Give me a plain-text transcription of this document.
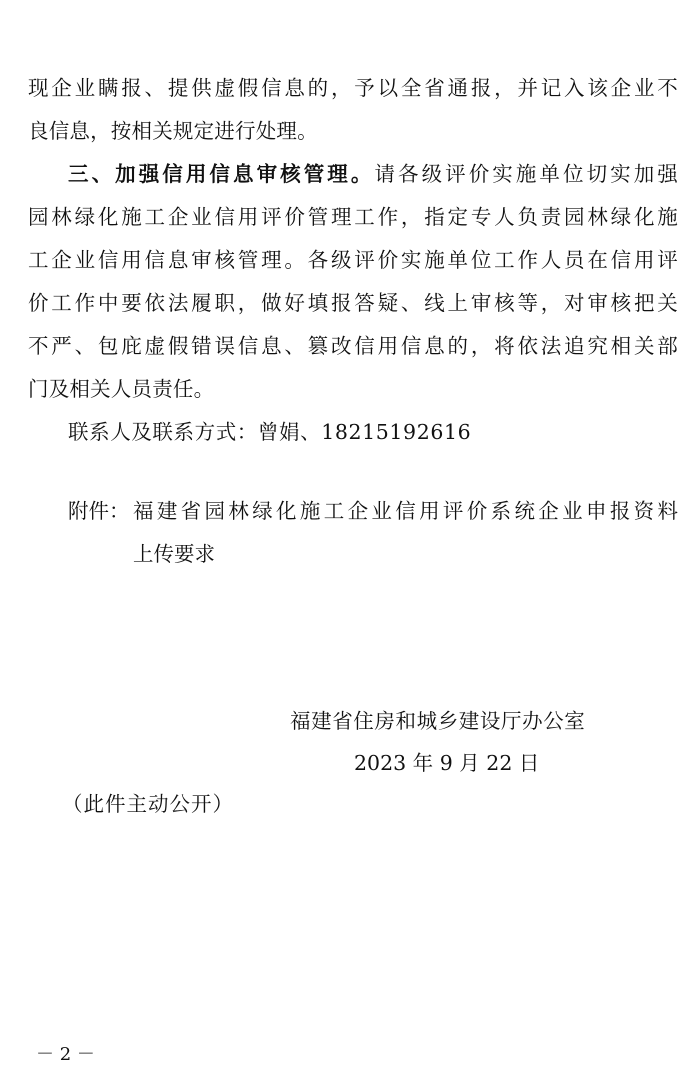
现企业瞒报、提供虚假信息的，予以全省通报，并记入该企业不
良信息，按相关规定进行处理。
三、加强信用信息审核管理。请各级评价实施单位切实加强
园林绿化施工企业信用评价管理工作，指定专人负责园林绿化施
工企业信用信息审核管理。各级评价实施单位工作人员在信用评
价工作中要依法履职，做好填报答疑、线上审核等，对审核把关
不严、包庇虚假错误信息、篡改信用信息的，将依法追究相关部
门及相关人员责任。
联系人及联系方式：曾娟、18215192616
附件： 福建省园林绿化施工企业信用评价系统企业申报资料
上传要求
福建省住房和城乡建设厅办公室
2023 年 9 月 22 日
（此件主动公开）
－ 2 －
